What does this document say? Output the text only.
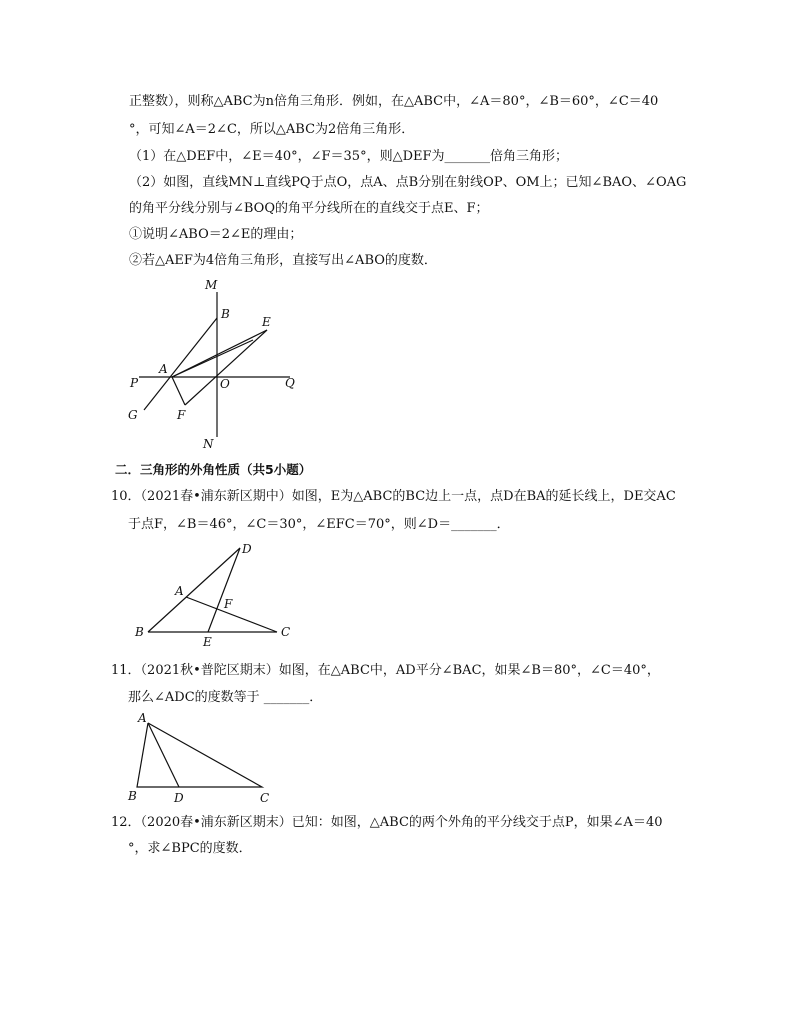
正整数），则称△ABC为n倍角三角形．例如，在△ABC中，∠A＝80°，∠B＝60°，∠C＝40
°，可知∠A＝2∠C，所以△ABC为2倍角三角形．
（1）在△DEF中，∠E＝40°，∠F＝35°，则△DEF为_______倍角三角形；
（2）如图，直线MN⊥直线PQ于点O，点A、点B分别在射线OP、OM上；已知∠BAO、∠OAG
的角平分线分别与∠BOQ的角平分线所在的直线交于点E、F；
①说明∠ABO＝2∠E的理由；
②若△AEF为4倍角三角形，直接写出∠ABO的度数．
M
B
E
A
O
P	Q
G	F
N
二．三角形的外角性质（共5小题）
10．（2021春•浦东新区期中）如图，E为△ABC的BC边上一点，点D在BA的延长线上，DE交AC
于点F，∠B＝46°，∠C＝30°，∠EFC＝70°，则∠D＝_______．
D
A
F
B
E
C
11．（2021秋•普陀区期末）如图，在△ABC中，AD平分∠BAC，如果∠B＝80°，∠C＝40°，
那么∠ADC的度数等于 _______．
A
B	D	C
12．（2020春•浦东新区期末）已知：如图，△ABC的两个外角的平分线交于点P，如果∠A＝40
°，求∠BPC的度数．
